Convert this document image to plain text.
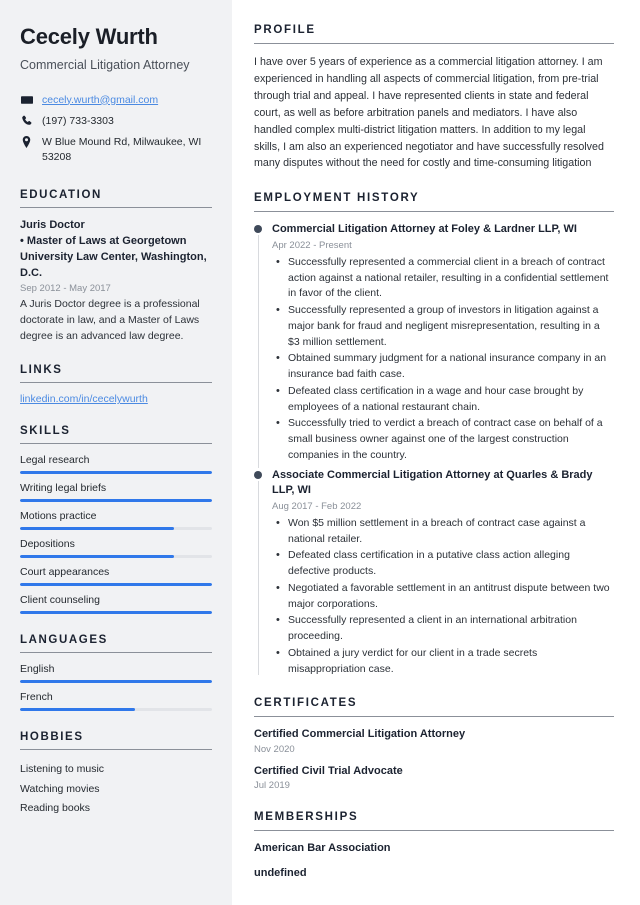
Cecely Wurth
Commercial Litigation Attorney
cecely.wurth@gmail.com
(197) 733-3303
W Blue Mound Rd, Milwaukee, WI 53208
EDUCATION
Juris Doctor
• Master of Laws at Georgetown University Law Center, Washington, D.C.
Sep 2012 - May 2017
A Juris Doctor degree is a professional doctorate in law, and a Master of Laws degree is an advanced law degree.
LINKS
linkedin.com/in/cecelywurth
SKILLS
Legal research
Writing legal briefs
Motions practice
Depositions
Court appearances
Client counseling
LANGUAGES
English
French
HOBBIES
Listening to music
Watching movies
Reading books
PROFILE

I have over 5 years of experience as a commercial litigation attorney. I am experienced in handling all aspects of commercial litigation, from pre-trial through trial and appeal. I have represented clients in state and federal court, as well as before arbitration panels and mediators. I have also handled complex multi-district litigation matters. In addition to my legal skills, I am also an experienced negotiator and have successfully resolved many disputes without the need for costly and time-consuming litigation

EMPLOYMENT HISTORY
Commercial Litigation Attorney at Foley & Lardner LLP, WI
Apr 2022 - Present
• Successfully represented a commercial client in a breach of contract action against a national retailer, resulting in a confidential settlement in favor of the client.
• Successfully represented a group of investors in litigation against a major bank for fraud and negligent misrepresentation, resulting in a $3 million settlement.
• Obtained summary judgment for a national insurance company in an insurance bad faith case.
• Defeated class certification in a wage and hour case brought by employees of a national restaurant chain.
• Successfully tried to verdict a breach of contract case on behalf of a small business owner against one of the largest construction companies in the country.
Associate Commercial Litigation Attorney at Quarles & Brady LLP, WI
Aug 2017 - Feb 2022
• Won $5 million settlement in a breach of contract case against a national retailer.
• Defeated class certification in a putative class action alleging defective products.
• Negotiated a favorable settlement in an antitrust dispute between two major corporations.
• Successfully represented a client in an international arbitration proceeding.
• Obtained a jury verdict for our client in a trade secrets misappropriation case.
CERTIFICATES
Certified Commercial Litigation Attorney
Nov 2020
Certified Civil Trial Advocate
Jul 2019
MEMBERSHIPS
American Bar Association
undefined
